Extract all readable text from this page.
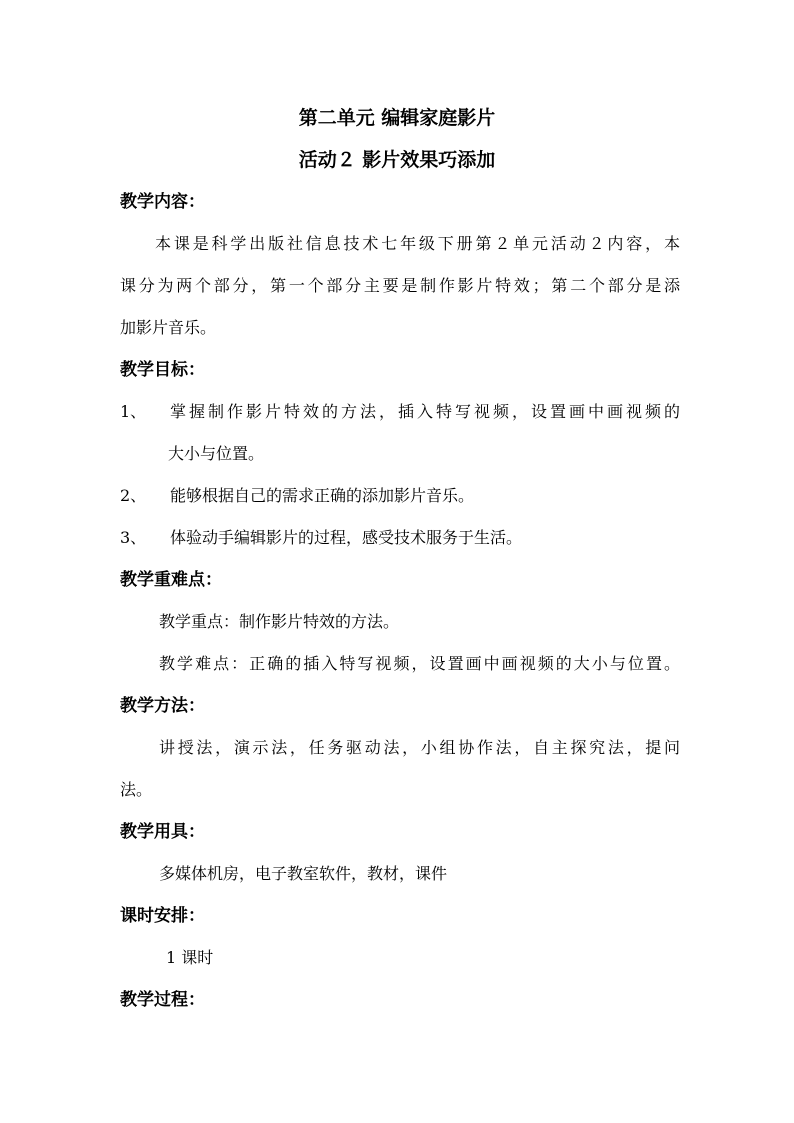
第二单元 编辑家庭影片
活动２ 影片效果巧添加
教学内容：
本课是科学出版社信息技术七年级下册第２单元活动２内容，本
课分为两个部分，第一个部分主要是制作影片特效；第二个部分是添
加影片音乐。
教学目标：
1、 掌握制作影片特效的方法，插入特写视频，设置画中画视频的
大小与位置。
2、 能够根据自己的需求正确的添加影片音乐。
3、 体验动手编辑影片的过程，感受技术服务于生活。
教学重难点：
教学重点：制作影片特效的方法。
教学难点：正确的插入特写视频，设置画中画视频的大小与位置。
教学方法：
讲授法，演示法，任务驱动法，小组协作法，自主探究法，提问
法。
教学用具：
多媒体机房，电子教室软件，教材，课件
课时安排：
1 课时
教学过程：
